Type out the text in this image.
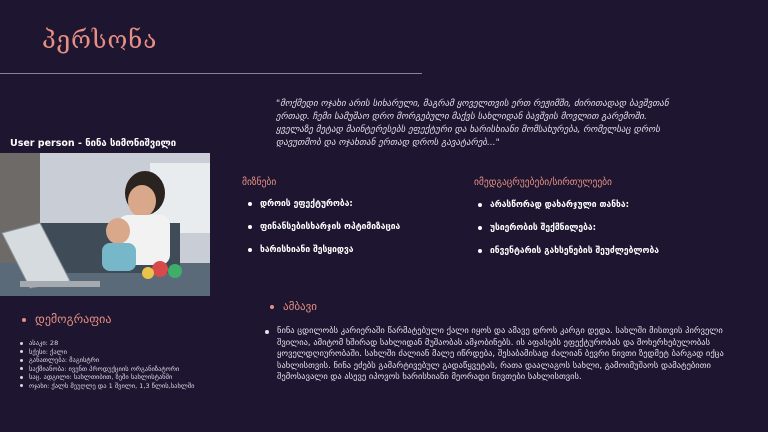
პერსონა
"მოქმედი ოჯახი არის სიხარული, მაგრამ ყოველთვის ერთ რეჟიმში, ძირითადად ბავშვთან ერთად. ჩემი სამუშაო დრო მორგებული მაქვს სახლიდან ბავშვის მოვლით გარემოში. ყველაზე მეტად მაინტერესებს ეფექტური და ხარისხიანი მომსახურება, რომელსაც დროს დავუთმობ და ოჯახთან ერთად დროს გავატარებ..."
User person - ნინა სიმონიშვილი
მიზნები
დროის ეფექტურობა:
ფინანსებისხარჯის ოპტიმიზაცია
ხარისხიანი შესყიდვა
იმედგაცრუებები/სირთულეები
არასწორად დახარჯული თანხა:
უსიერობის შექმნილება:
ინვენტარის გახსენების შეუძლებლობა
დემოგრაფია
ასაკი: 28
სქესი: ქალი
განათლება: მაგისტრი
საქმიანობა: ივენთ პროდუქციის ორგანიზატორი
საც. ადგილი: სახლთიბით, ზეში სახლისტანში
ოჯახი: ქალს მეუღლე და 1 შვილი, 1,3 წლის,სახლში
ამბავი
ნინა ცდილობს კარიერაში წარმატებული ქალი იყოს და ამავე დროს კარგი დედა. სახლში მისთვის პირველი შვილია, ამიტომ ხშირად სახლიდან მუშაობას ამჯობინებს. ის აფასებს ეფექტურობას და მოხერხებულობას ყოველდღიურობაში. სახლში ძალიან მალე იწრდება, შესაბამისად ძალიან ბევრი ნივთი ზედმეტ ბარგად იქცა სახლისთვის. ნინა ეძებს გამარტივებულ გადაწყვეტას, რათა დაალაგოს სახლი, გამოიმუშაოს დამატებითი შემოსავალი და ასევე იპოვოს ხარისხიანი მეორადი ნივთები სახლისთვის.
